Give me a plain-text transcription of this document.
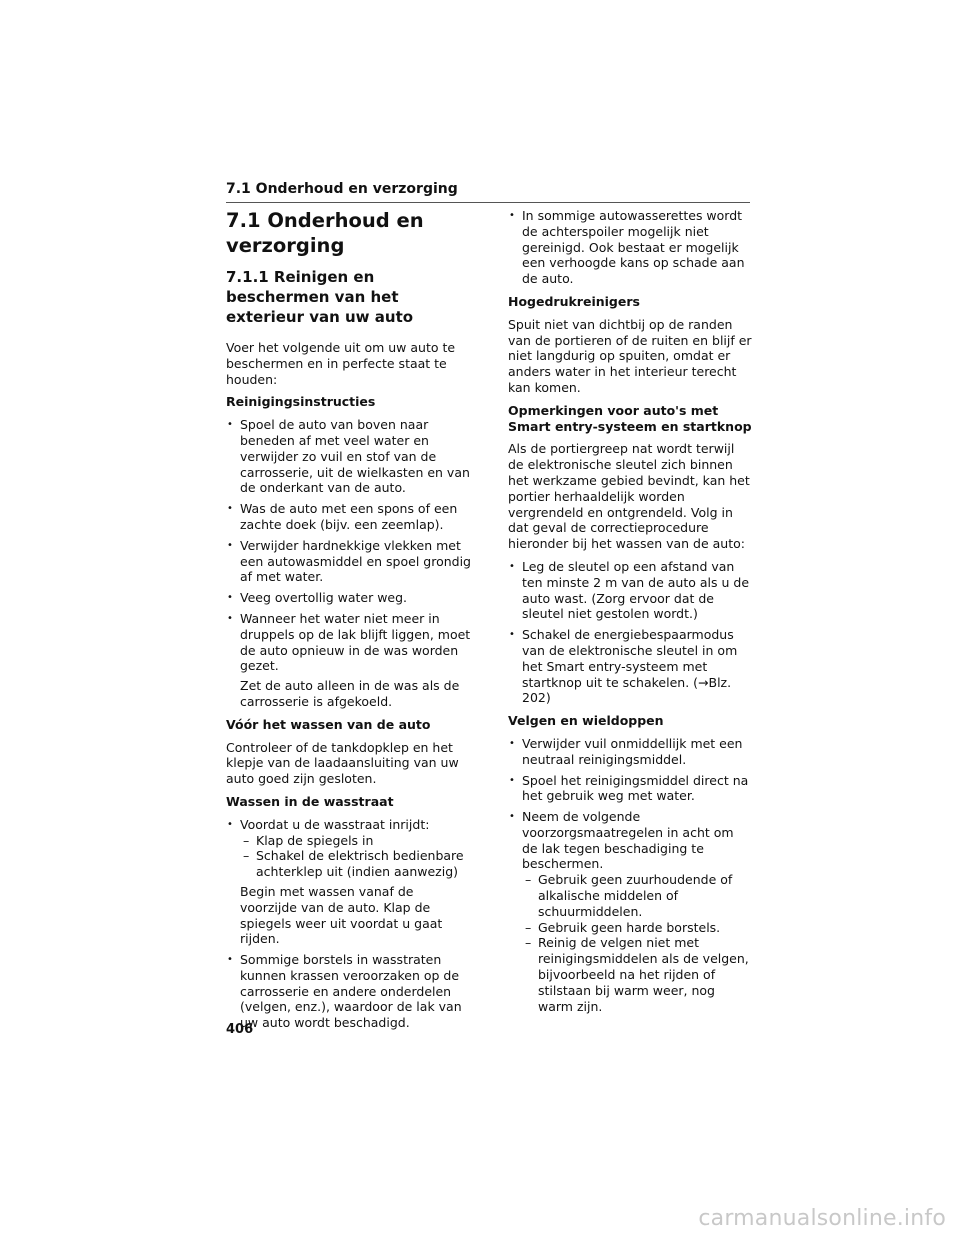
7.1 Onderhoud en verzorging
7.1 Onderhoud en verzorging
7.1.1 Reinigen en beschermen van het exterieur van uw auto
Voer het volgende uit om uw auto te beschermen en in perfecte staat te houden:
Reinigingsinstructies
• Spoel de auto van boven naar beneden af met veel water en verwijder zo vuil en stof van de carrosserie, uit de wielkasten en van de onderkant van de auto.
• Was de auto met een spons of een zachte doek (bijv. een zeemlap).
• Verwijder hardnekkige vlekken met een autowasmiddel en spoel grondig af met water.
• Veeg overtollig water weg.
• Wanneer het water niet meer in druppels op de lak blijft liggen, moet de auto opnieuw in de was worden gezet.
Zet de auto alleen in de was als de carrosserie is afgekoeld.
Vóór het wassen van de auto
Controleer of de tankdopklep en het klepje van de laadaansluiting van uw auto goed zijn gesloten.
Wassen in de wasstraat
• Voordat u de wasstraat inrijdt:
– Klap de spiegels in
– Schakel de elektrisch bedienbare achterklep uit (indien aanwezig)
Begin met wassen vanaf de voorzijde van de auto. Klap de spiegels weer uit voordat u gaat rijden.
• Sommige borstels in wasstraten kunnen krassen veroorzaken op de carrosserie en andere onderdelen (velgen, enz.), waardoor de lak van uw auto wordt beschadigd.
• In sommige autowasserettes wordt de achterspoiler mogelijk niet gereinigd. Ook bestaat er mogelijk een verhoogde kans op schade aan de auto.
Hogedrukreinigers
Spuit niet van dichtbij op de randen van de portieren of de ruiten en blijf er niet langdurig op spuiten, omdat er anders water in het interieur terecht kan komen.
Opmerkingen voor auto's met Smart entry-systeem en startknop
Als de portiergreep nat wordt terwijl de elektronische sleutel zich binnen het werkzame gebied bevindt, kan het portier herhaaldelijk worden vergrendeld en ontgrendeld. Volg in dat geval de correctieprocedure hieronder bij het wassen van de auto:
• Leg de sleutel op een afstand van ten minste 2 m van de auto als u de auto wast. (Zorg ervoor dat de sleutel niet gestolen wordt.)
• Schakel de energiebespaarmodus van de elektronische sleutel in om het Smart entry-systeem met startknop uit te schakelen. (→Blz. 202)
Velgen en wieldoppen
• Verwijder vuil onmiddellijk met een neutraal reinigingsmiddel.
• Spoel het reinigingsmiddel direct na het gebruik weg met water.
• Neem de volgende voorzorgsmaatregelen in acht om de lak tegen beschadiging te beschermen.
– Gebruik geen zuurhoudende of alkalische middelen of schuurmiddelen.
– Gebruik geen harde borstels.
– Reinig de velgen niet met reinigingsmiddelen als de velgen, bijvoorbeeld na het rijden of stilstaan bij warm weer, nog warm zijn.
406
carmanualsonline.info
